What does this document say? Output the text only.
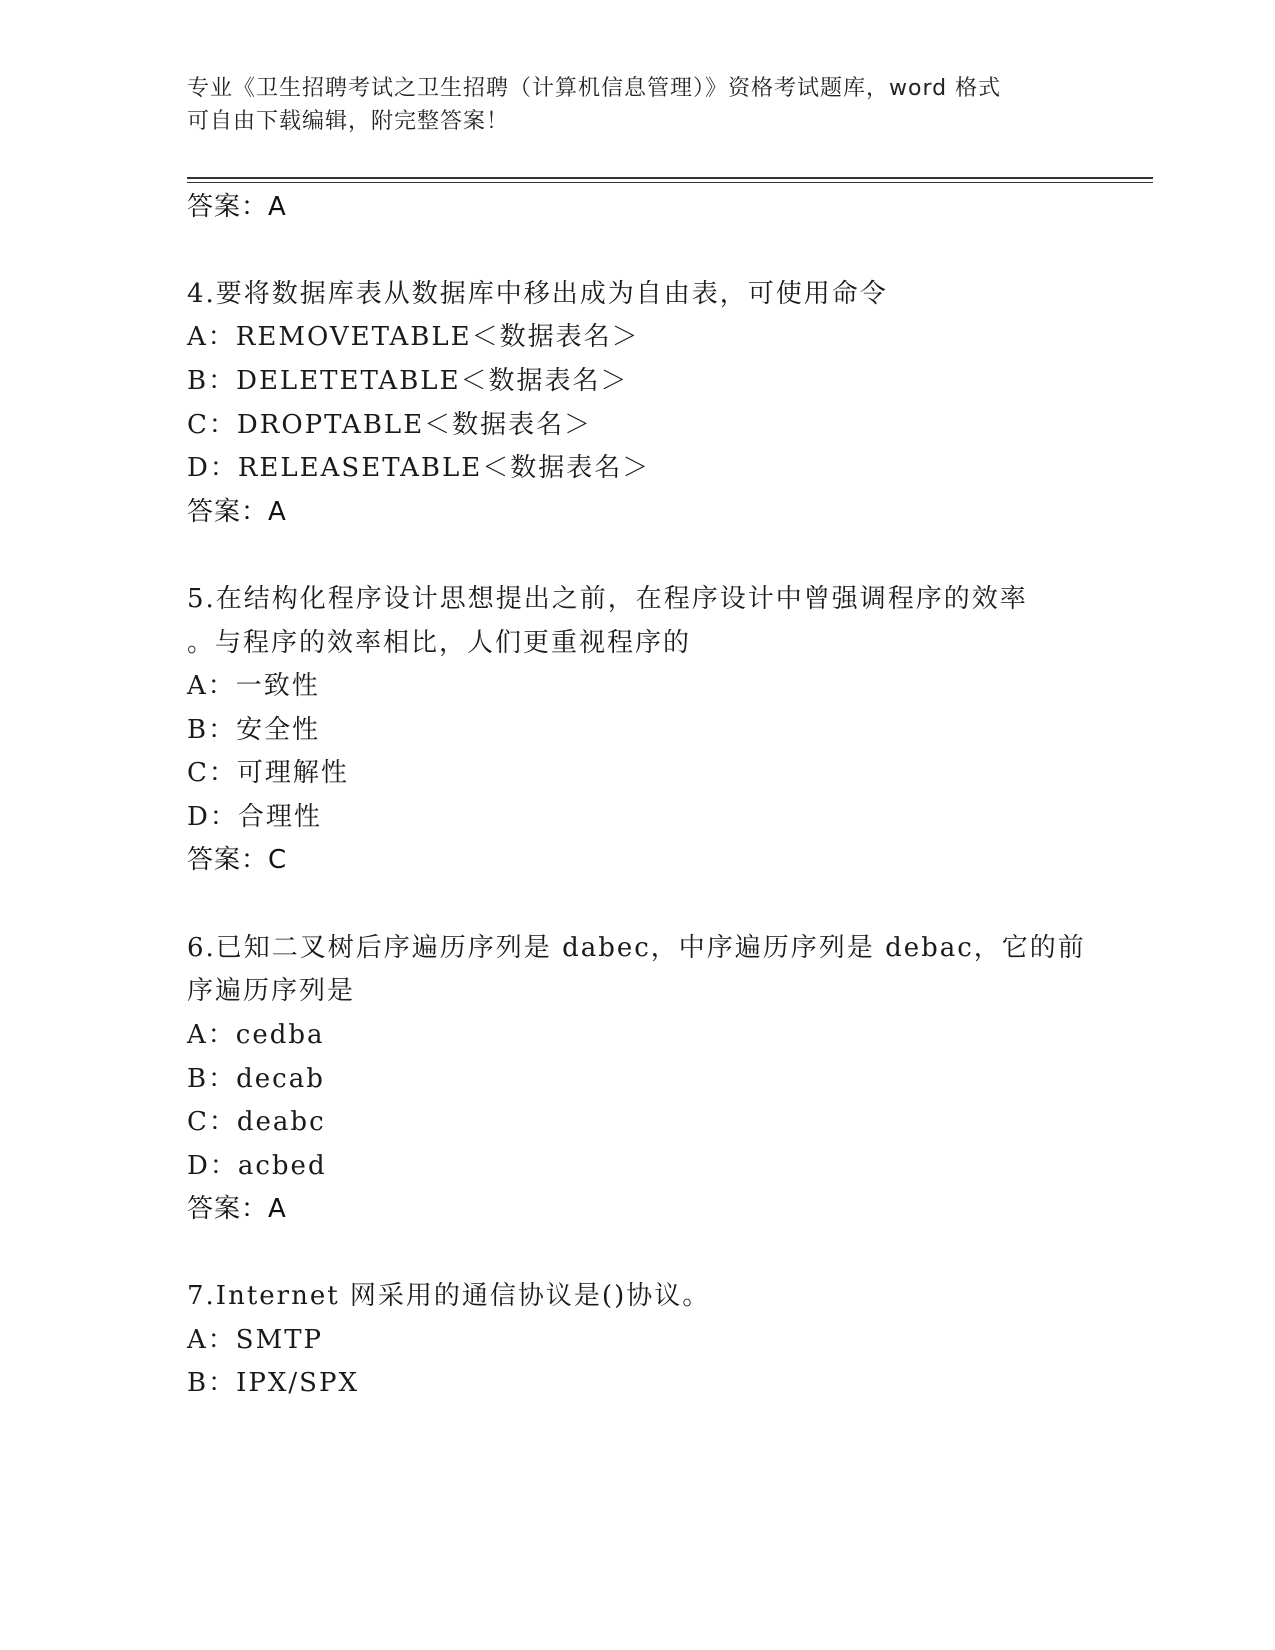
专业《卫生招聘考试之卫生招聘（计算机信息管理）》资格考试题库，word 格式
可自由下载编辑，附完整答案！
答案：A
4.要将数据库表从数据库中移出成为自由表，可使用命令
A：REMOVETABLE＜数据表名＞
B：DELETETABLE＜数据表名＞
C：DROPTABLE＜数据表名＞
D：RELEASETABLE＜数据表名＞
答案：A
5.在结构化程序设计思想提出之前，在程序设计中曾强调程序的效率
。与程序的效率相比，人们更重视程序的
A：一致性
B：安全性
C：可理解性
D：合理性
答案：C
6.已知二叉树后序遍历序列是 dabec，中序遍历序列是 debac，它的前
序遍历序列是
A：cedba
B：decab
C：deabc
D：acbed
答案：A
7.Internet 网采用的通信协议是()协议。
A：SMTP
B：IPX/SPX
